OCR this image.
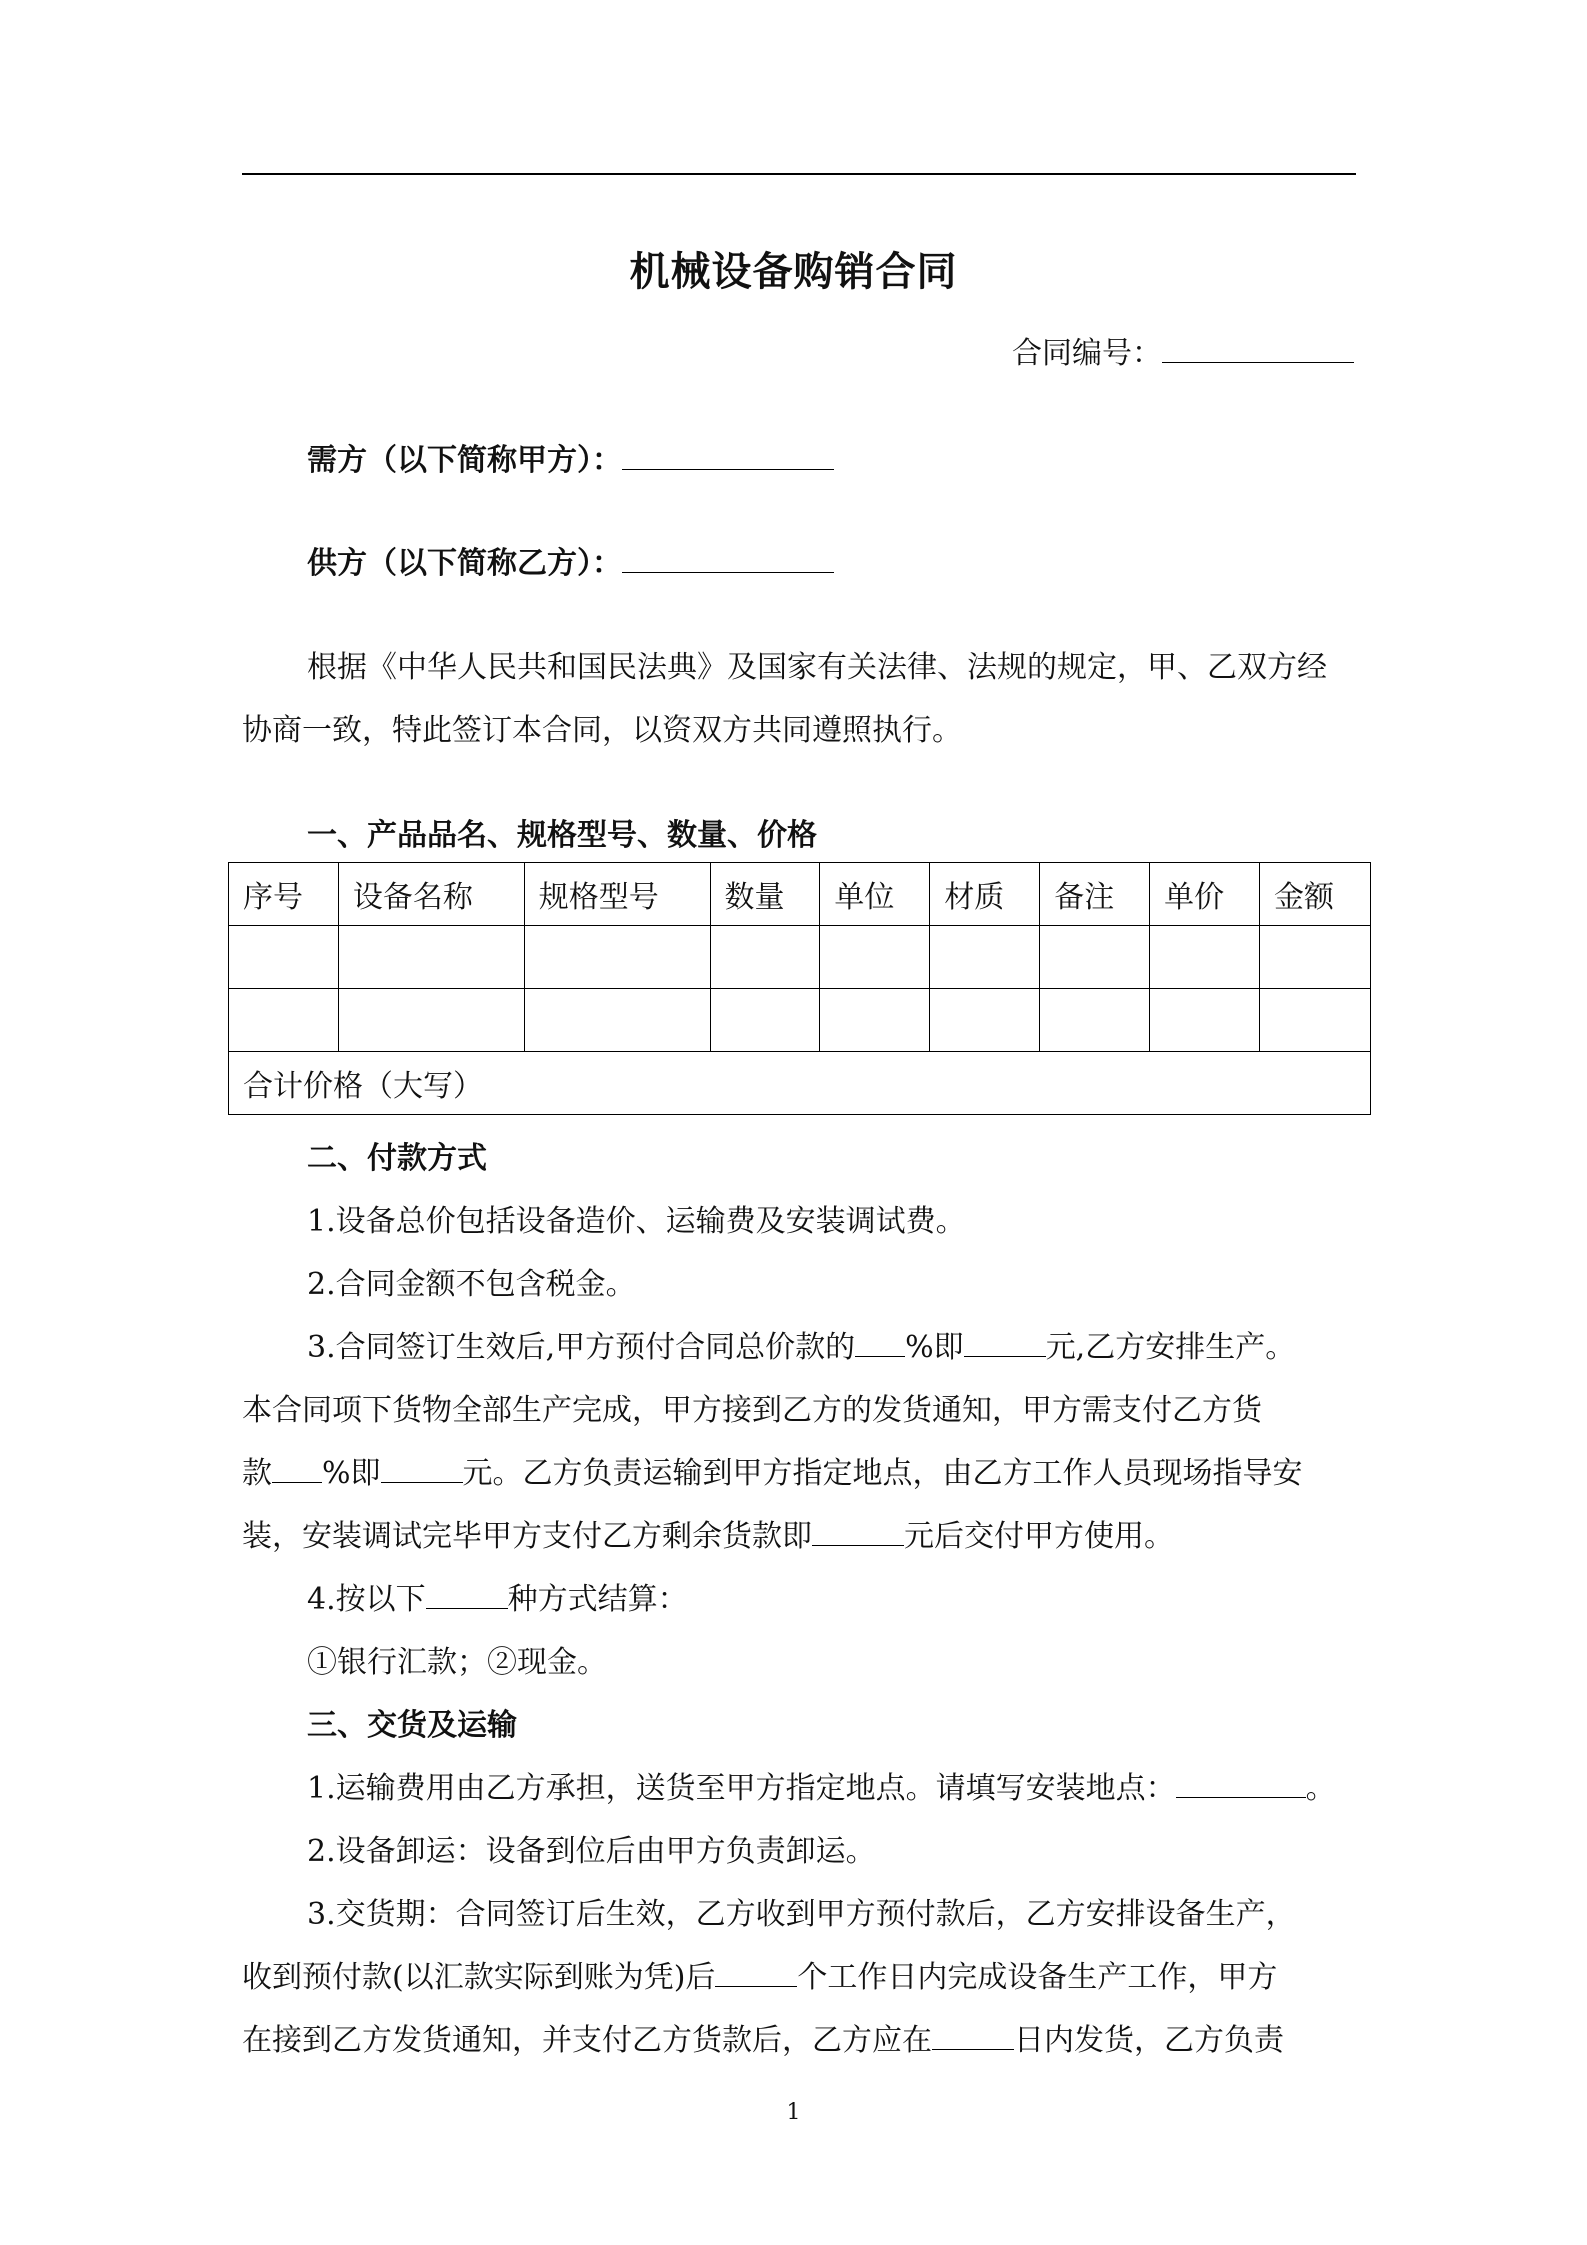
机械设备购销合同
合同编号：
需方（以下简称甲方）：
供方（以下简称乙方）：
根据《中华人民共和国民法典》及国家有关法律、法规的规定，甲、乙双方经协商一致，特此签订本合同，以资双方共同遵照执行。
一、产品品名、规格型号、数量、价格
序号	设备名称	规格型号	数量	单位	材质	备注	单价	金额

合计价格（大写）								
二、付款方式
1.设备总价包括设备造价、运输费及安装调试费。
2.合同金额不包含税金。
3.合同签订生效后,甲方预付合同总价款的 %即	元,乙方安排生产。
本合同项下货物全部生产完成，甲方接到乙方的发货通知，甲方需支付乙方货
款 %即	元。乙方负责运输到甲方指定地点，由乙方工作人员现场指导安
装，安装调试完毕甲方支付乙方剩余货款即	元后交付甲方使用。
4.按以下	种方式结算：
①银行汇款；②现金。
三、交货及运输
1.运输费用由乙方承担，送货至甲方指定地点。请填写安装地点：	。
2.设备卸运：设备到位后由甲方负责卸运。
3.交货期：合同签订后生效，乙方收到甲方预付款后，乙方安排设备生产，
收到预付款(以汇款实际到账为凭)后	个工作日内完成设备生产工作，甲方
在接到乙方发货通知，并支付乙方货款后，乙方应在	日内发货，乙方负责
1
